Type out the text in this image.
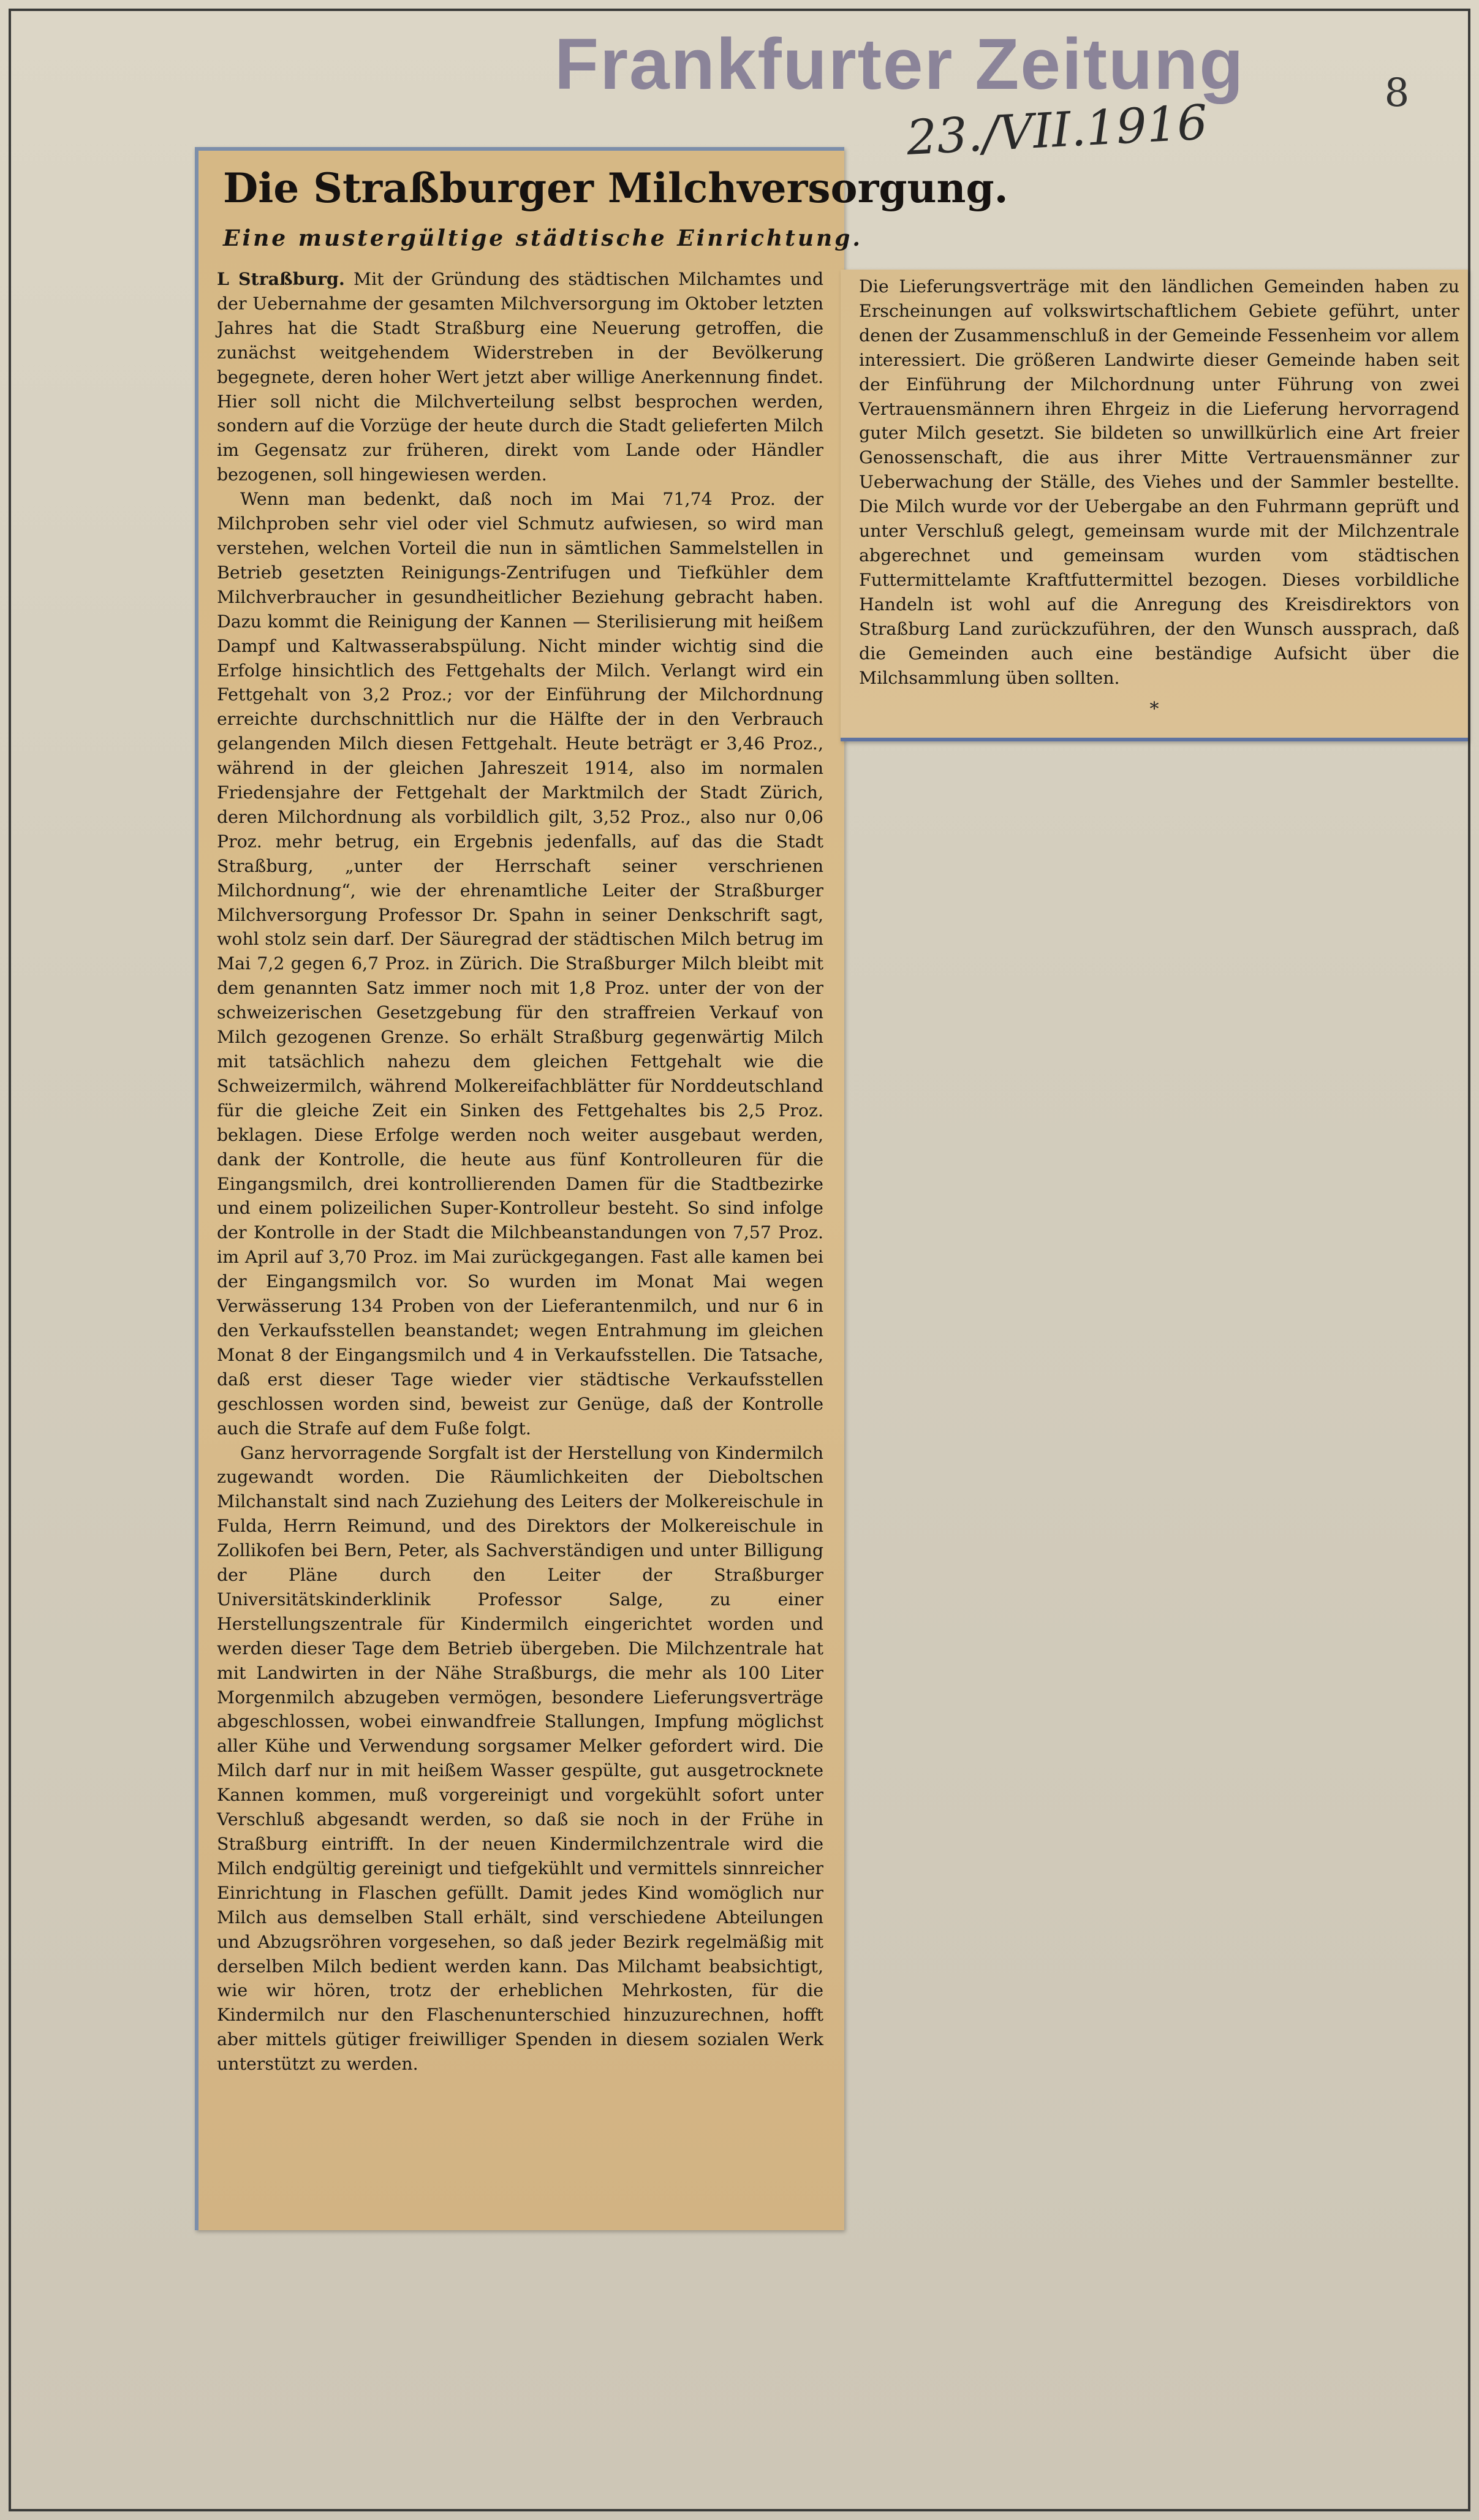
Frankfurter Zeitung
23./VII.1916
8
Die Straßburger Milchversorgung.
Eine mustergültige städtische Einrichtung.

L Straßburg. Mit der Gründung des städtischen Milchamtes und der Uebernahme der gesamten Milchversorgung im Oktober letzten Jahres hat die Stadt Straßburg eine Neuerung getroffen, die zunächst weitgehendem Widerstreben in der Bevölkerung begegnete, deren hoher Wert jetzt aber willige Anerkennung findet. Hier soll nicht die Milchverteilung selbst besprochen werden, sondern auf die Vorzüge der heute durch die Stadt gelieferten Milch im Gegensatz zur früheren, direkt vom Lande oder Händler bezogenen, soll hingewiesen werden.

Wenn man bedenkt, daß noch im Mai 71,74 Proz. der Milchproben sehr viel oder viel Schmutz aufwiesen, so wird man verstehen, welchen Vorteil die nun in sämtlichen Sammelstellen in Betrieb gesetzten Reinigungs-Zentrifugen und Tiefkühler dem Milchverbraucher in gesundheitlicher Beziehung gebracht haben. Dazu kommt die Reinigung der Kannen — Sterilisierung mit heißem Dampf und Kaltwasserabspülung. Nicht minder wichtig sind die Erfolge hinsichtlich des Fettgehalts der Milch. Verlangt wird ein Fettgehalt von 3,2 Proz.; vor der Einführung der Milchordnung erreichte durchschnittlich nur die Hälfte der in den Verbrauch gelangenden Milch diesen Fettgehalt. Heute beträgt er 3,46 Proz., während in der gleichen Jahreszeit 1914, also im normalen Friedensjahre der Fettgehalt der Marktmilch der Stadt Zürich, deren Milchordnung als vorbildlich gilt, 3,52 Proz., also nur 0,06 Proz. mehr betrug, ein Ergebnis jedenfalls, auf das die Stadt Straßburg, „unter der Herrschaft seiner verschrienen Milchordnung“, wie der ehrenamtliche Leiter der Straßburger Milchversorgung Professor Dr. Spahn in seiner Denkschrift sagt, wohl stolz sein darf. Der Säuregrad der städtischen Milch betrug im Mai 7,2 gegen 6,7 Proz. in Zürich. Die Straßburger Milch bleibt mit dem genannten Satz immer noch mit 1,8 Proz. unter der von der schweizerischen Gesetzgebung für den straffreien Verkauf von Milch gezogenen Grenze. So erhält Straßburg gegenwärtig Milch mit tatsächlich nahezu dem gleichen Fettgehalt wie die Schweizermilch, während Molkereifachblätter für Norddeutschland für die gleiche Zeit ein Sinken des Fettgehaltes bis 2,5 Proz. beklagen. Diese Erfolge werden noch weiter ausgebaut werden, dank der Kontrolle, die heute aus fünf Kontrolleuren für die Eingangsmilch, drei kontrollierenden Damen für die Stadtbezirke und einem polizeilichen Super-Kontrolleur besteht. So sind infolge der Kontrolle in der Stadt die Milchbeanstandungen von 7,57 Proz. im April auf 3,70 Proz. im Mai zurückgegangen. Fast alle kamen bei der Eingangsmilch vor. So wurden im Monat Mai wegen Verwässerung 134 Proben von der Lieferantenmilch, und nur 6 in den Verkaufsstellen beanstandet; wegen Entrahmung im gleichen Monat 8 der Eingangsmilch und 4 in Verkaufsstellen. Die Tatsache, daß erst dieser Tage wieder vier städtische Verkaufsstellen geschlossen worden sind, beweist zur Genüge, daß der Kontrolle auch die Strafe auf dem Fuße folgt.

Ganz hervorragende Sorgfalt ist der Herstellung von Kindermilch zugewandt worden. Die Räumlichkeiten der Dieboltschen Milchanstalt sind nach Zuziehung des Leiters der Molkereischule in Fulda, Herrn Reimund, und des Direktors der Molkereischule in Zollikofen bei Bern, Peter, als Sachverständigen und unter Billigung der Pläne durch den Leiter der Straßburger Universitätskinderklinik Professor Salge, zu einer Herstellungszentrale für Kindermilch eingerichtet worden und werden dieser Tage dem Betrieb übergeben. Die Milchzentrale hat mit Landwirten in der Nähe Straßburgs, die mehr als 100 Liter Morgenmilch abzugeben vermögen, besondere Lieferungsverträge abgeschlossen, wobei einwandfreie Stallungen, Impfung möglichst aller Kühe und Verwendung sorgsamer Melker gefordert wird. Die Milch darf nur in mit heißem Wasser gespülte, gut ausgetrocknete Kannen kommen, muß vorgereinigt und vorgekühlt sofort unter Verschluß abgesandt werden, so daß sie noch in der Frühe in Straßburg eintrifft. In der neuen Kindermilchzentrale wird die Milch endgültig gereinigt und tiefgekühlt und vermittels sinnreicher Einrichtung in Flaschen gefüllt. Damit jedes Kind womöglich nur Milch aus demselben Stall erhält, sind verschiedene Abteilungen und Abzugsröhren vorgesehen, so daß jeder Bezirk regelmäßig mit derselben Milch bedient werden kann. Das Milchamt beabsichtigt, wie wir hören, trotz der erheblichen Mehrkosten, für die Kindermilch nur den Flaschenunterschied hinzuzurechnen, hofft aber mittels gütiger freiwilliger Spenden in diesem sozialen Werk unterstützt zu werden.

Die Lieferungsverträge mit den ländlichen Gemeinden haben zu Erscheinungen auf volkswirtschaftlichem Gebiete geführt, unter denen der Zusammenschluß in der Gemeinde Fessenheim vor allem interessiert. Die größeren Landwirte dieser Gemeinde haben seit der Einführung der Milchordnung unter Führung von zwei Vertrauensmännern ihren Ehrgeiz in die Lieferung hervorragend guter Milch gesetzt. Sie bildeten so unwillkürlich eine Art freier Genossenschaft, die aus ihrer Mitte Vertrauensmänner zur Ueberwachung der Ställe, des Viehes und der Sammler bestellte. Die Milch wurde vor der Uebergabe an den Fuhrmann geprüft und unter Verschluß gelegt, gemeinsam wurde mit der Milchzentrale abgerechnet und gemeinsam wurden vom städtischen Futtermittelamte Kraftfuttermittel bezogen. Dieses vorbildliche Handeln ist wohl auf die Anregung des Kreisdirektors von Straßburg Land zurückzuführen, der den Wunsch aussprach, daß die Gemeinden auch eine beständige Aufsicht über die Milchsammlung üben sollten.

*
